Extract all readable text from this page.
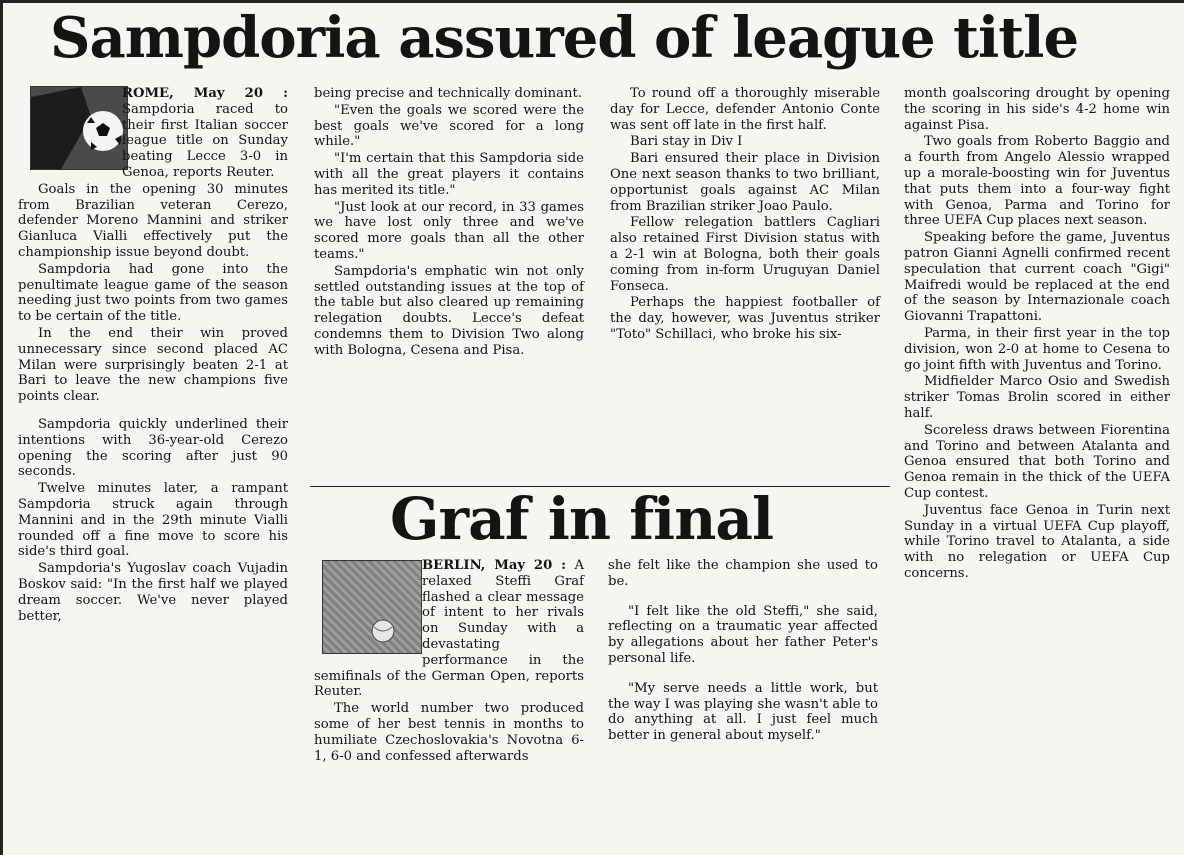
Sampdoria assured of league title

ROME, May 20 : Sampdoria raced to their first Italian soccer league title on Sunday beating Lecce 3-0 in Genoa, reports Reuter.

Goals in the opening 30 minutes from Brazilian veteran Cerezo, defender Moreno Mannini and striker Gianluca Vialli effectively put the championship issue beyond doubt.

Sampdoria had gone into the penultimate league game of the season needing just two points from two games to be certain of the title.

In the end their win proved unnecessary since second placed AC Milan were surprisingly beaten 2-1 at Bari to leave the new champions five points clear.

Sampdoria quickly underlined their intentions with 36-year-old Cerezo opening the scoring after just 90 seconds.

Twelve minutes later, a rampant Sampdoria struck again through Mannini and in the 29th minute Vialli rounded off a fine move to score his side's third goal.

Sampdoria's Yugoslav coach Vujadin Boskov said: "In the first half we played dream soccer. We've never played better,

being precise and technically dominant.

"Even the goals we scored were the best goals we've scored for a long while."

"I'm certain that this Sampdoria side with all the great players it contains has merited its title."

"Just look at our record, in 33 games we have lost only three and we've scored more goals than all the other teams."

Sampdoria's emphatic win not only settled outstanding issues at the top of the table but also cleared up remaining relegation doubts. Lecce's defeat condemns them to Division Two along with Bologna, Cesena and Pisa.

To round off a thoroughly miserable day for Lecce, defender Antonio Conte was sent off late in the first half.

Bari stay in Div I

Bari ensured their place in Division One next season thanks to two brilliant, opportunist goals against AC Milan from Brazilian striker Joao Paulo.

Fellow relegation battlers Cagliari also retained First Division status with a 2-1 win at Bologna, both their goals coming from in-form Uruguyan Daniel Fonseca.

Perhaps the happiest footballer of the day, however, was Juventus striker "Toto" Schillaci, who broke his six-

month goalscoring drought by opening the scoring in his side's 4-2 home win against Pisa.

Two goals from Roberto Baggio and a fourth from Angelo Alessio wrapped up a morale-boosting win for Juventus that puts them into a four-way fight with Genoa, Parma and Torino for three UEFA Cup places next season.

Speaking before the game, Juventus patron Gianni Agnelli confirmed recent speculation that current coach "Gigi" Maifredi would be replaced at the end of the season by Internazionale coach Giovanni Trapattoni.

Parma, in their first year in the top division, won 2-0 at home to Cesena to go joint fifth with Juventus and Torino.

Midfielder Marco Osio and Swedish striker Tomas Brolin scored in either half.

Scoreless draws between Fiorentina and Torino and between Atalanta and Genoa ensured that both Torino and Genoa remain in the thick of the UEFA Cup contest.

Juventus face Genoa in Turin next Sunday in a virtual UEFA Cup playoff, while Torino travel to Atalanta, a side with no relegation or UEFA Cup concerns.

Graf in final

BERLIN, May 20 : A relaxed Steffi Graf flashed a clear message of intent to her rivals on Sunday with a devastating performance in the semifinals of the German Open, reports Reuter.

The world number two produced some of her best tennis in months to humiliate Czechoslovakia's Novotna 6-1, 6-0 and confessed afterwards

she felt like the champion she used to be.

"I felt like the old Steffi," she said, reflecting on a traumatic year affected by allegations about her father Peter's personal life.

"My serve needs a little work, but the way I was playing she wasn't able to do anything at all. I just feel much better in general about myself."
